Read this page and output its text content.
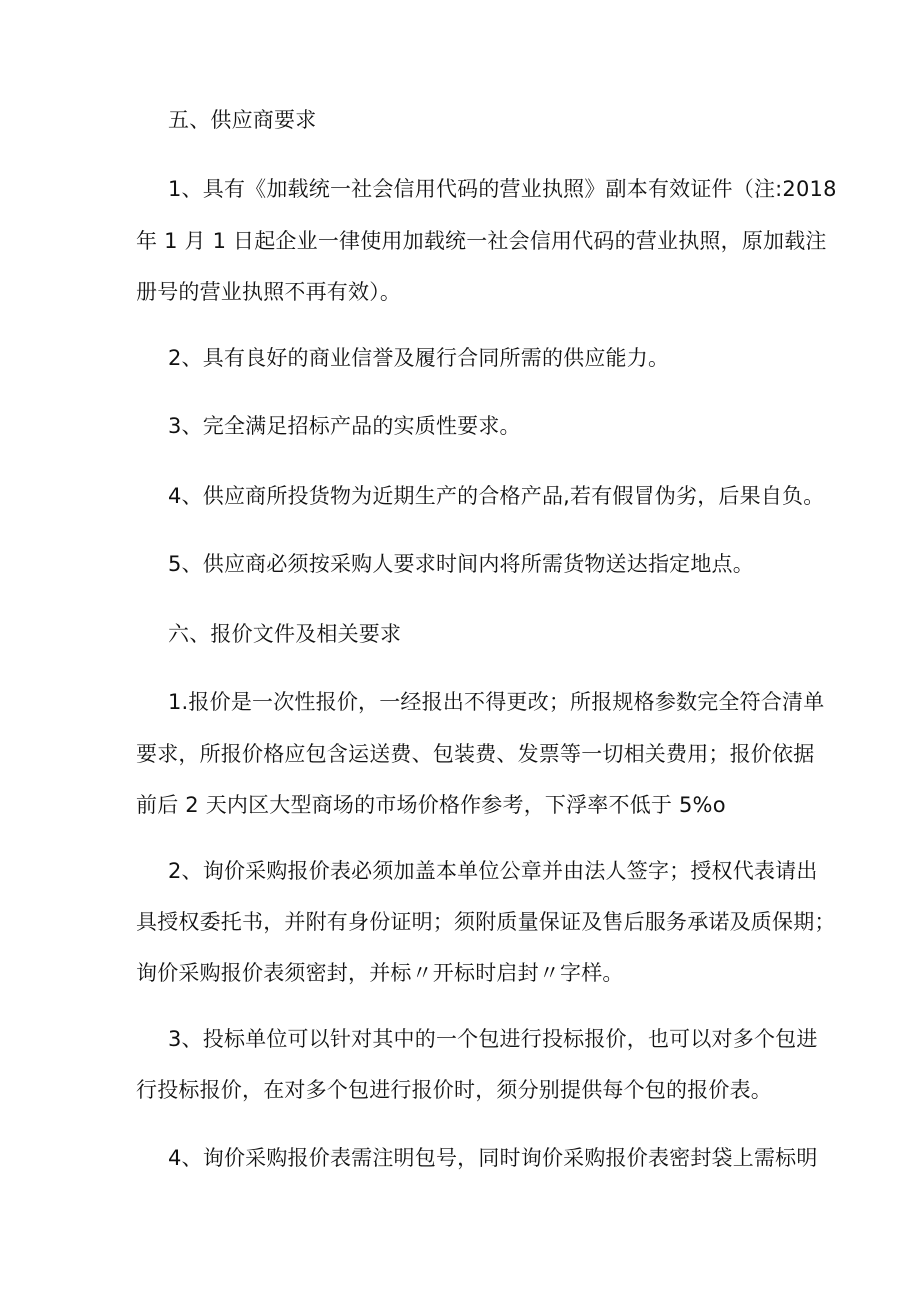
五、供应商要求

1、具有《加载统一社会信用代码的营业执照》副本有效证件（注:2018

年 1 月 1 日起企业一律使用加载统一社会信用代码的营业执照，原加载注

册号的营业执照不再有效）。

2、具有良好的商业信誉及履行合同所需的供应能力。

3、完全满足招标产品的实质性要求。

4、供应商所投货物为近期生产的合格产品,若有假冒伪劣，后果自负。

5、供应商必须按采购人要求时间内将所需货物送达指定地点。

六、报价文件及相关要求

1.报价是一次性报价，一经报出不得更改；所报规格参数完全符合清单

要求，所报价格应包含运送费、包装费、发票等一切相关费用；报价依据

前后 2 天内区大型商场的市场价格作参考，下浮率不低于 5%o

2、询价采购报价表必须加盖本单位公章并由法人签字；授权代表请出

具授权委托书，并附有身份证明；须附质量保证及售后服务承诺及质保期；

询价采购报价表须密封，并标〃开标时启封〃字样。

3、投标单位可以针对其中的一个包进行投标报价，也可以对多个包进

行投标报价，在对多个包进行报价时，须分别提供每个包的报价表。

4、询价采购报价表需注明包号，同时询价采购报价表密封袋上需标明
